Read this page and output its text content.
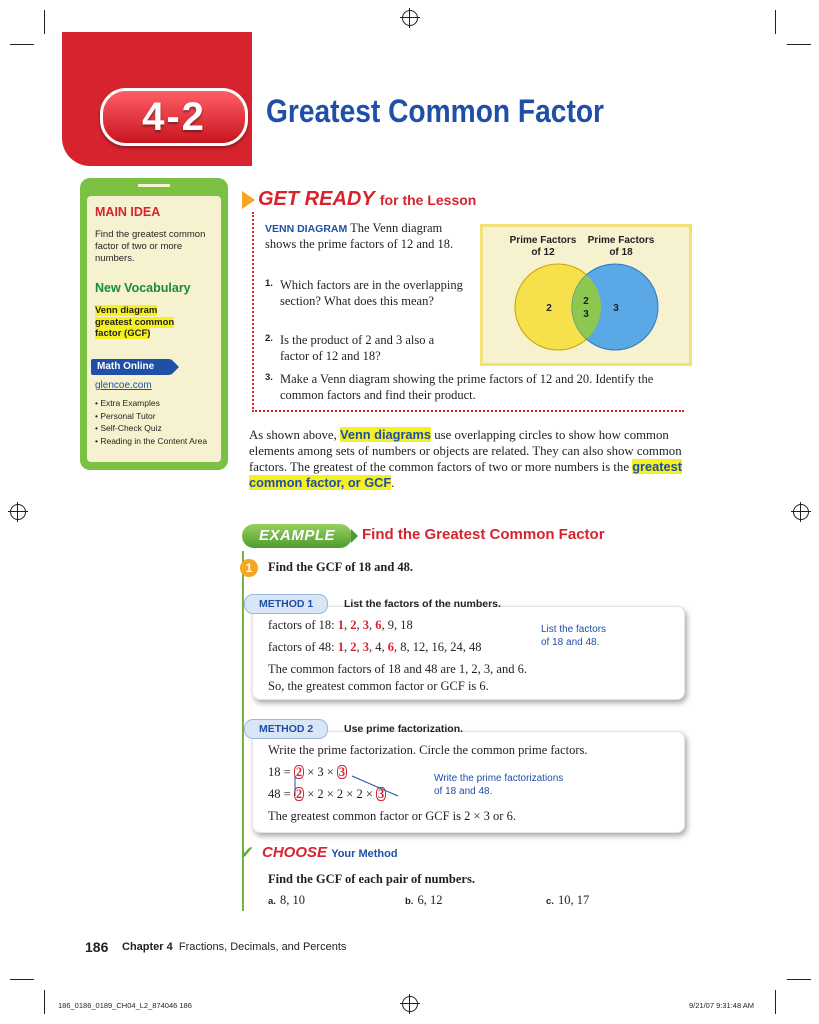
4-2	Greatest Common Factor
MAIN IDEA
Find the greatest common factor of two or more numbers.
New Vocabulary
Venn diagram
greatest common
factor (GCF)
Math Online
glencoe.com
• Extra Examples
• Personal Tutor
• Self-Check Quiz
• Reading in the Content Area
GET READY for the Lesson
VENN DIAGRAM The Venn diagram shows the prime factors of 12 and 18.
1. Which factors are in the overlapping section? What does this mean?
2. Is the product of 2 and 3 also a factor of 12 and 18?
3. Make a Venn diagram showing the prime factors of 12 and 20. Identify the common factors and find their product.
Prime Factors
of 12
Prime Factors
of 18
2
2
3
3
As shown above, Venn diagrams use overlapping circles to show how common elements among sets of numbers or objects are related. They can also show common factors. The greatest of the common factors of two or more numbers is the greatest common factor, or GCF.
EXAMPLE	Find the Greatest Common Factor
1	Find the GCF of 18 and 48.
METHOD 1	List the factors of the numbers.
factors of 18: 1, 2, 3, 6, 9, 18
factors of 48: 1, 2, 3, 4, 6, 8, 12, 16, 24, 48
List the factors
of 18 and 48.
The common factors of 18 and 48 are 1, 2, 3, and 6.
So, the greatest common factor or GCF is 6.
METHOD 2	Use prime factorization.
Write the prime factorization. Circle the common prime factors.
18 = 2 × 3 × 3
48 = 2 × 2 × 2 × 2 × 3
Write the prime factorizations
of 18 and 48.
The greatest common factor or GCF is 2 × 3 or 6.
✔ CHOOSE Your Method
Find the GCF of each pair of numbers.
a. 8, 10	b. 6, 12	c. 10, 17
186 Chapter 4 Fractions, Decimals, and Percents
186_0186_0189_CH04_L2_874046 186	9/21/07 9:31:48 AM
